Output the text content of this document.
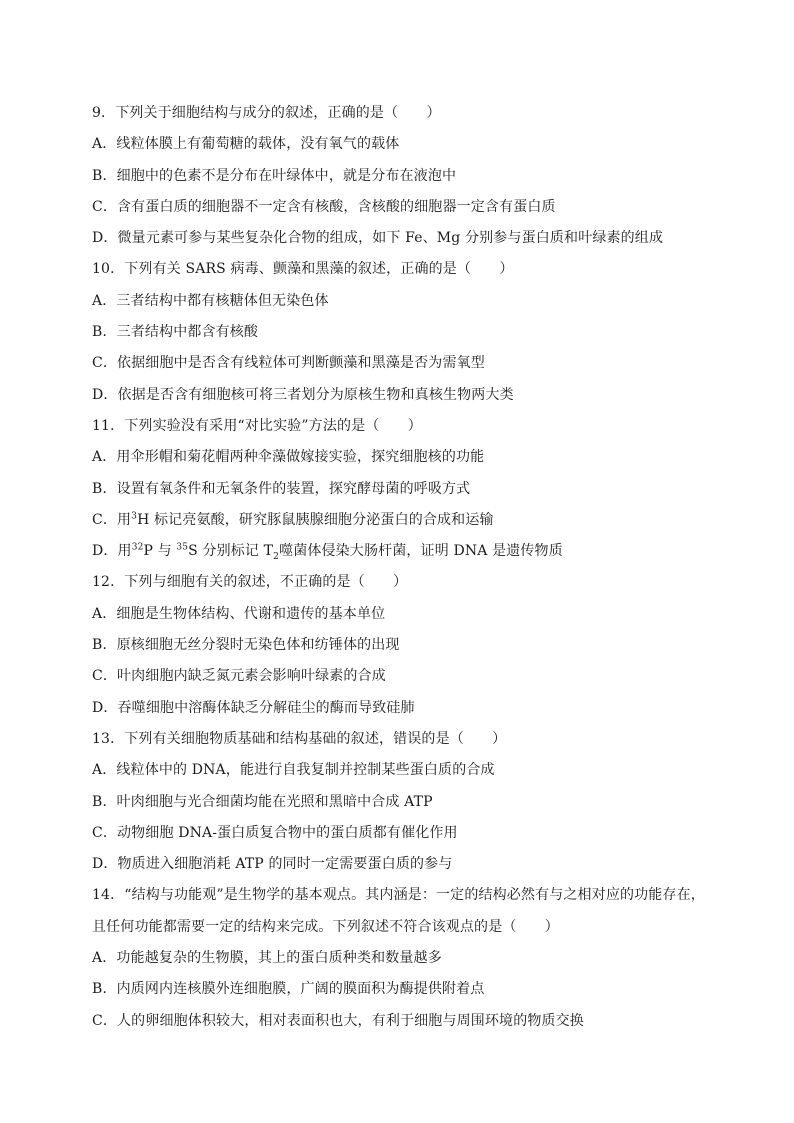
9．下列关于细胞结构与成分的叙述，正确的是（　　）
A．线粒体膜上有葡萄糖的载体，没有氧气的载体
B．细胞中的色素不是分布在叶绿体中，就是分布在液泡中
C．含有蛋白质的细胞器不一定含有核酸，含核酸的细胞器一定含有蛋白质
D．微量元素可参与某些复杂化合物的组成，如下 Fe、Mg 分别参与蛋白质和叶绿素的组成
10．下列有关 SARS 病毒、颤藻和黑藻的叙述，正确的是（　　）
A．三者结构中都有核糖体但无染色体
B．三者结构中都含有核酸
C．依据细胞中是否含有线粒体可判断颤藻和黑藻是否为需氧型
D．依据是否含有细胞核可将三者划分为原核生物和真核生物两大类
11．下列实验没有采用“对比实验”方法的是（　　）
A．用伞形帽和菊花帽两种伞藻做嫁接实验，探究细胞核的功能
B．设置有氧条件和无氧条件的装置，探究酵母菌的呼吸方式
C．用$^3$H 标记亮氨酸，研究豚鼠胰腺细胞分泌蛋白的合成和运输
D．用$^{32}$P 与 $^{35}$S 分别标记 $T_2$噬菌体侵染大肠杆菌，证明 DNA 是遗传物质
12．下列与细胞有关的叙述，不正确的是（　　）
A．细胞是生物体结构、代谢和遗传的基本单位
B．原核细胞无丝分裂时无染色体和纺锤体的出现
C．叶肉细胞内缺乏氮元素会影响叶绿素的合成
D．吞噬细胞中溶酶体缺乏分解硅尘的酶而导致硅肺
13．下列有关细胞物质基础和结构基础的叙述，错误的是（　　）
A．线粒体中的 DNA，能进行自我复制并控制某些蛋白质的合成
B．叶肉细胞与光合细菌均能在光照和黑暗中合成 ATP
C．动物细胞 DNA-蛋白质复合物中的蛋白质都有催化作用
D．物质进入细胞消耗 ATP 的同时一定需要蛋白质的参与
14．“结构与功能观”是生物学的基本观点。其内涵是：一定的结构必然有与之相对应的功能存在，
且任何功能都需要一定的结构来完成。下列叙述不符合该观点的是（　　）
A．功能越复杂的生物膜，其上的蛋白质种类和数量越多
B．内质网内连核膜外连细胞膜，广阔的膜面积为酶提供附着点
C．人的卵细胞体积较大，相对表面积也大，有利于细胞与周围环境的物质交换
